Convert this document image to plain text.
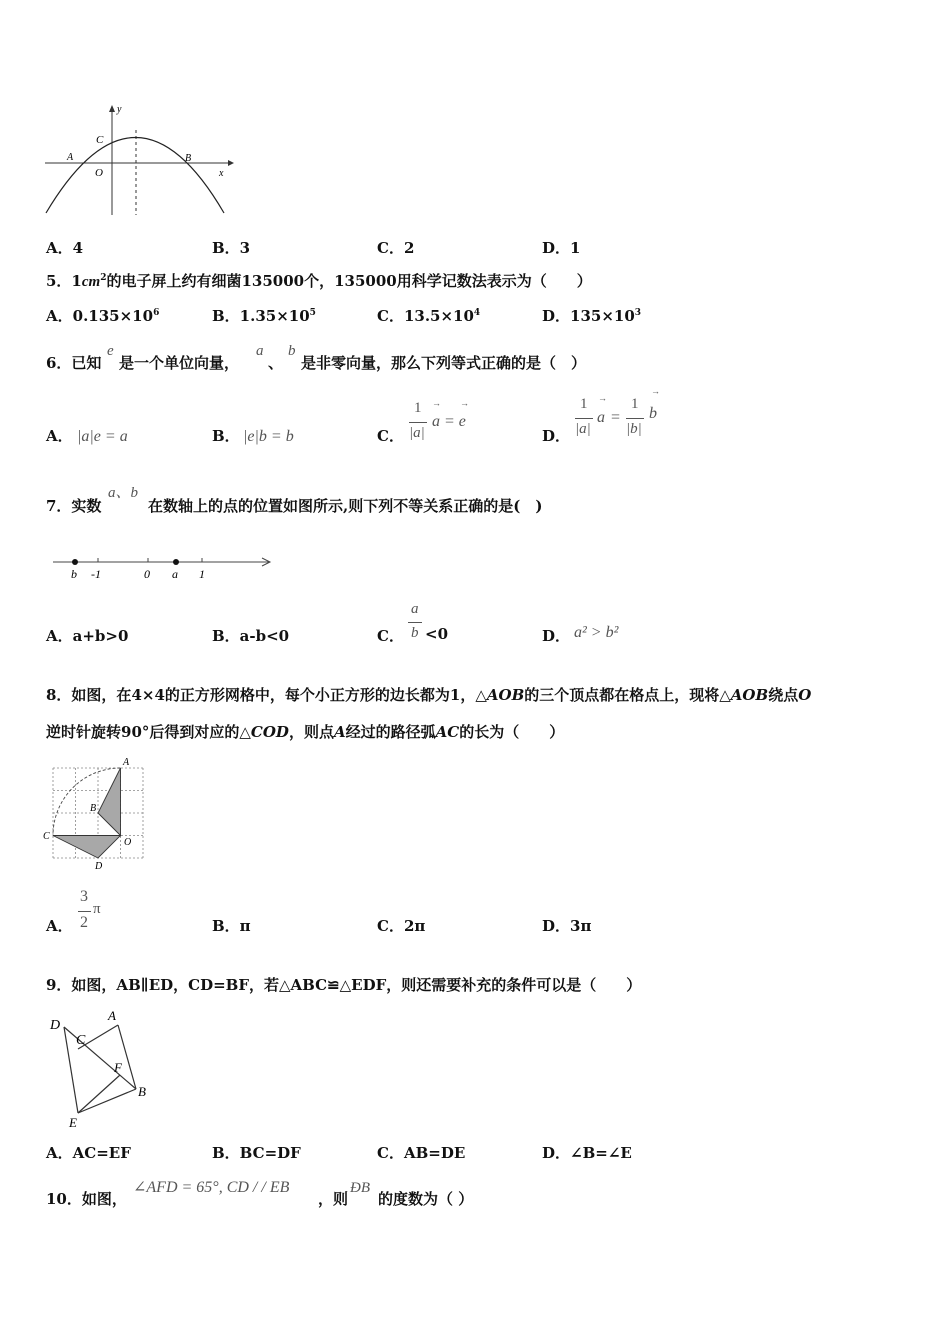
y
C
A
O
B
x
A．4	B．3	C．2	D．1
5．$1cm^2$的电子屏上约有细菌135000个，135000用科学记数法表示为（　　）
A．$0.135\times 10^6$	B．$1.35\times 10^5$	C．$13.5\times 10^4$	D．$135\times 10^3$
6．已知
e
是一个单位向量，
a
、
b
是非零向量，那么下列等式正确的是（　）
A． |a|e = a	B． |e|b = b	C．
1
|a|
→
a = e
→
D．
1
|a|
→
a =
1
|b|
→
b
7．实数
a、b
在数轴上的点的位置如图所示,则下列不等关系正确的是(　)
b -1	0 a 1
A．a+b>0	B．a-b<0	C．
a
b <0	D． a² > b²
8．如图，在4×4的正方形网格中，每个小正方形的边长都为1，△AOB的三个顶点都在格点上，现将△AOB绕点O
逆时针旋转90°后得到对应的△COD，则点A经过的路径弧AC的长为（　　）
A
B
C
O
D
A．
3
2
π
B．π	C．2π	D．3π
9．如图，AB∥ED，CD=BF，若△ABC≌△EDF，则还需要补充的条件可以是（　　）
D
C
A
F
B
E
A．AC=EF	B．BC=DF	C．AB=DE	D．∠B=∠E
10．如图，
∠AFD = 65°, CD / / EB
，则
ÐB
的度数为（ ）
